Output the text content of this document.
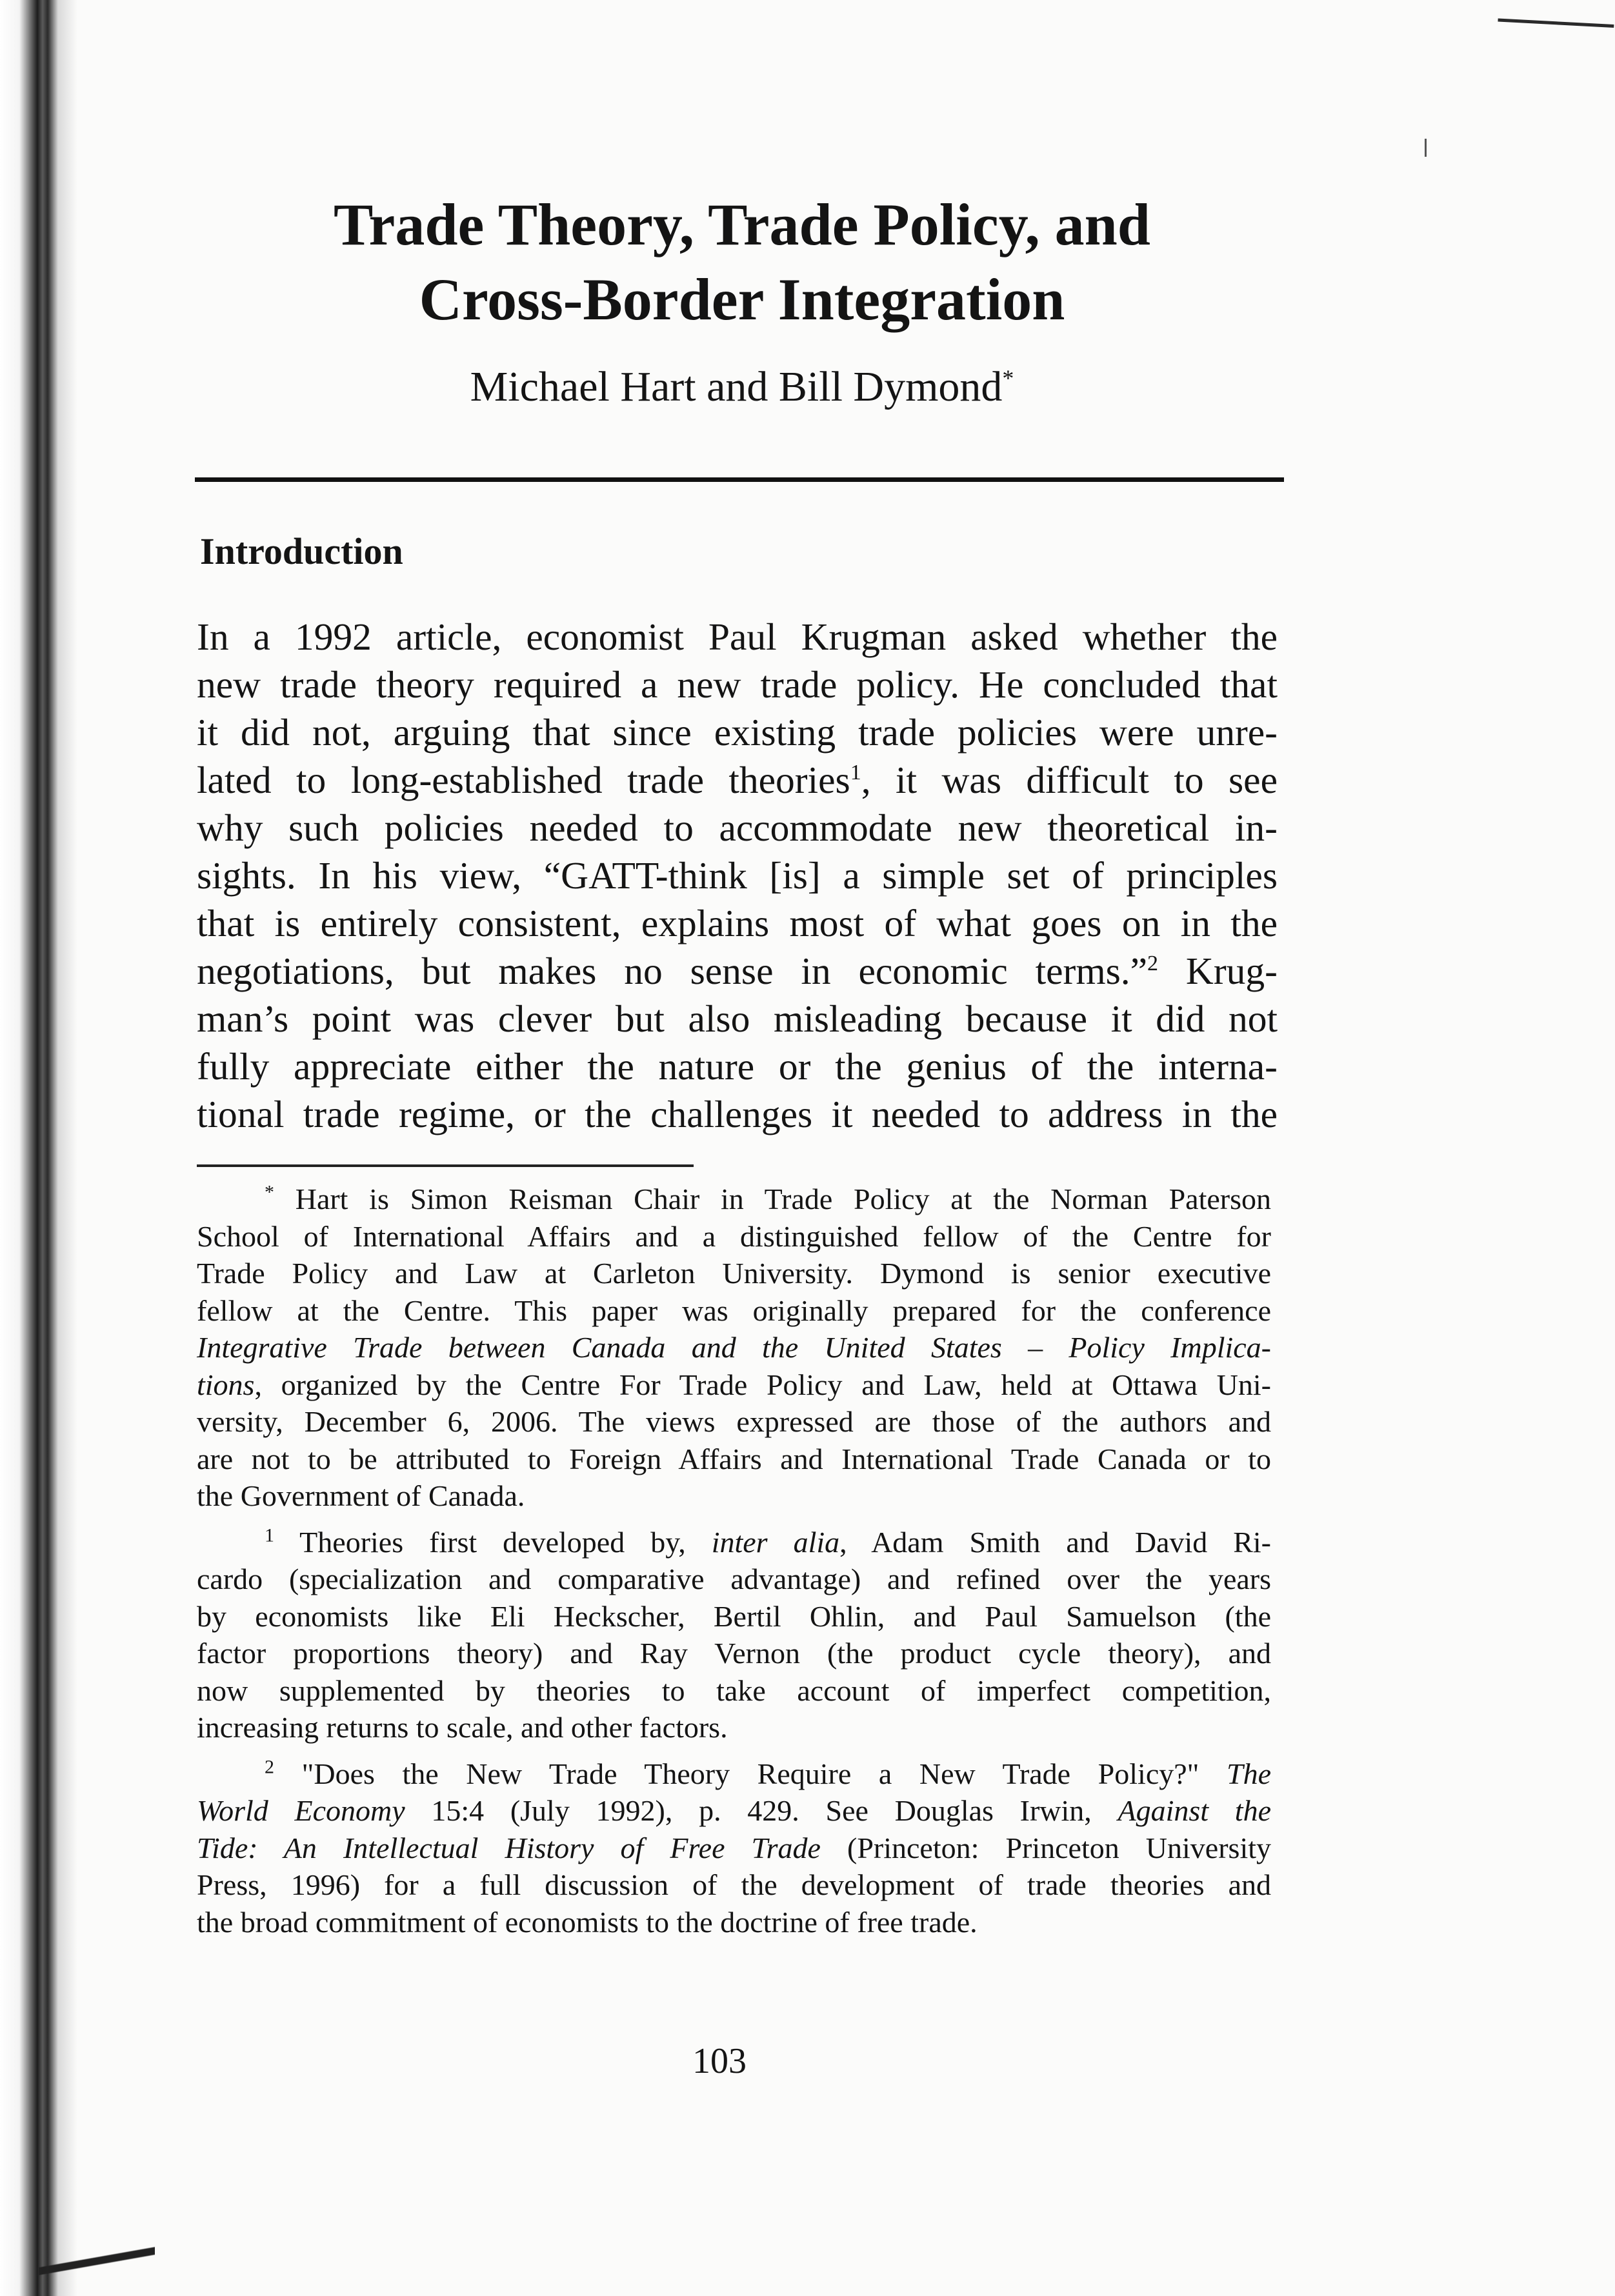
Trade Theory, Trade Policy, and
Cross-Border Integration

Michael Hart and Bill Dymond*

Introduction
In a 1992 article, economist Paul Krugman asked whether the
new trade theory required a new trade policy. He concluded that
it did not, arguing that since existing trade policies were unre-
lated to long-established trade theories$^1$, it was difficult to see
why such policies needed to accommodate new theoretical in-
sights. In his view, “GATT-think [is] a simple set of principles
that is entirely consistent, explains most of what goes on in the
negotiations, but makes no sense in economic terms.”$^2$ Krug-
man’s point was clever but also misleading because it did not
fully appreciate either the nature or the genius of the interna-
tional trade regime, or the challenges it needed to address in the
* Hart is Simon Reisman Chair in Trade Policy at the Norman Paterson
School of International Affairs and a distinguished fellow of the Centre for
Trade Policy and Law at Carleton University. Dymond is senior executive
fellow at the Centre. This paper was originally prepared for the conference
Integrative Trade between Canada and the United States – Policy Implica-
tions, organized by the Centre For Trade Policy and Law, held at Ottawa Uni-
versity, December 6, 2006. The views expressed are those of the authors and
are not to be attributed to Foreign Affairs and International Trade Canada or to
the Government of Canada.
$^1$ Theories first developed by, inter alia, Adam Smith and David Ri-
cardo (specialization and comparative advantage) and refined over the years
by economists like Eli Heckscher, Bertil Ohlin, and Paul Samuelson (the
factor proportions theory) and Ray Vernon (the product cycle theory), and
now supplemented by theories to take account of imperfect competition,
increasing returns to scale, and other factors.
$^2$ "Does the New Trade Theory Require a New Trade Policy?" The
World Economy 15:4 (July 1992), p. 429. See Douglas Irwin, Against the
Tide: An Intellectual History of Free Trade (Princeton: Princeton University
Press, 1996) for a full discussion of the development of trade theories and
the broad commitment of economists to the doctrine of free trade.

103
